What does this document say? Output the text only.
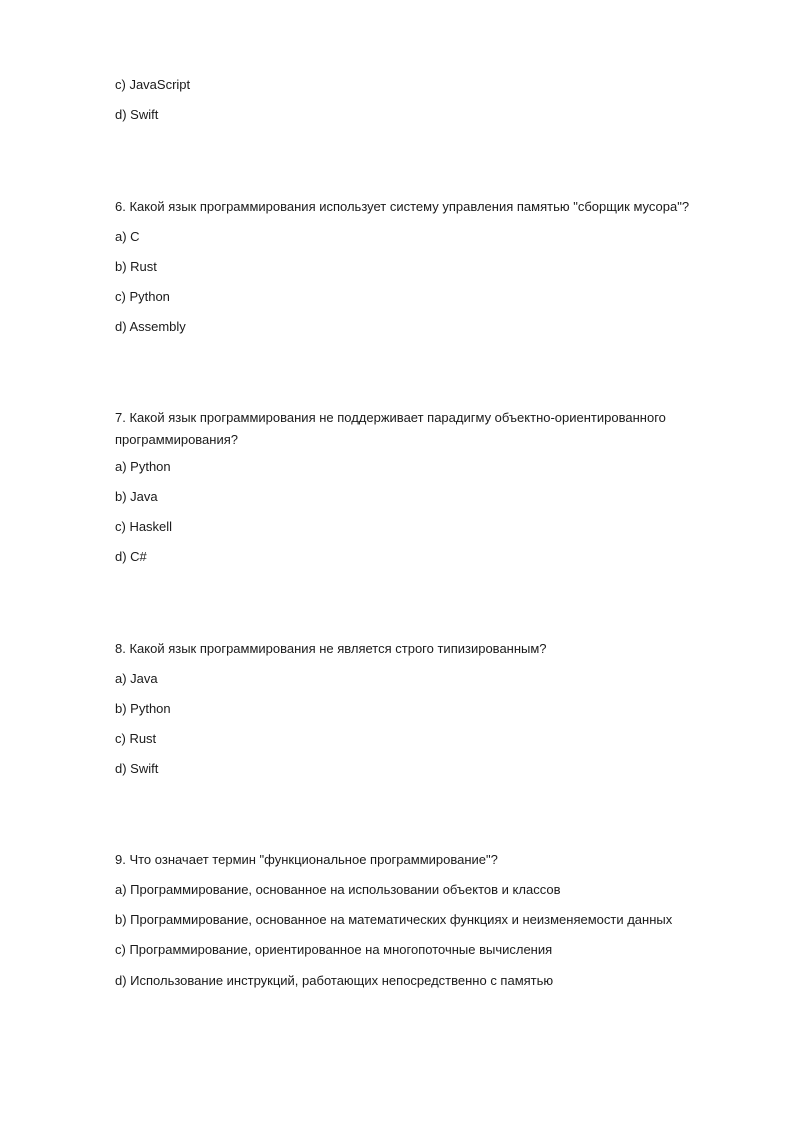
c) JavaScript
d) Swift
6. Какой язык программирования использует систему управления памятью "сборщик мусора"?
a) C
b) Rust
c) Python
d) Assembly
7. Какой язык программирования не поддерживает парадигму объектно-ориентированного программирования?
a) Python
b) Java
c) Haskell
d) C#
8. Какой язык программирования не является строго типизированным?
a) Java
b) Python
c) Rust
d) Swift
9. Что означает термин "функциональное программирование"?
a) Программирование, основанное на использовании объектов и классов
b) Программирование, основанное на математических функциях и неизменяемости данных
c) Программирование, ориентированное на многопоточные вычисления
d) Использование инструкций, работающих непосредственно с памятью
